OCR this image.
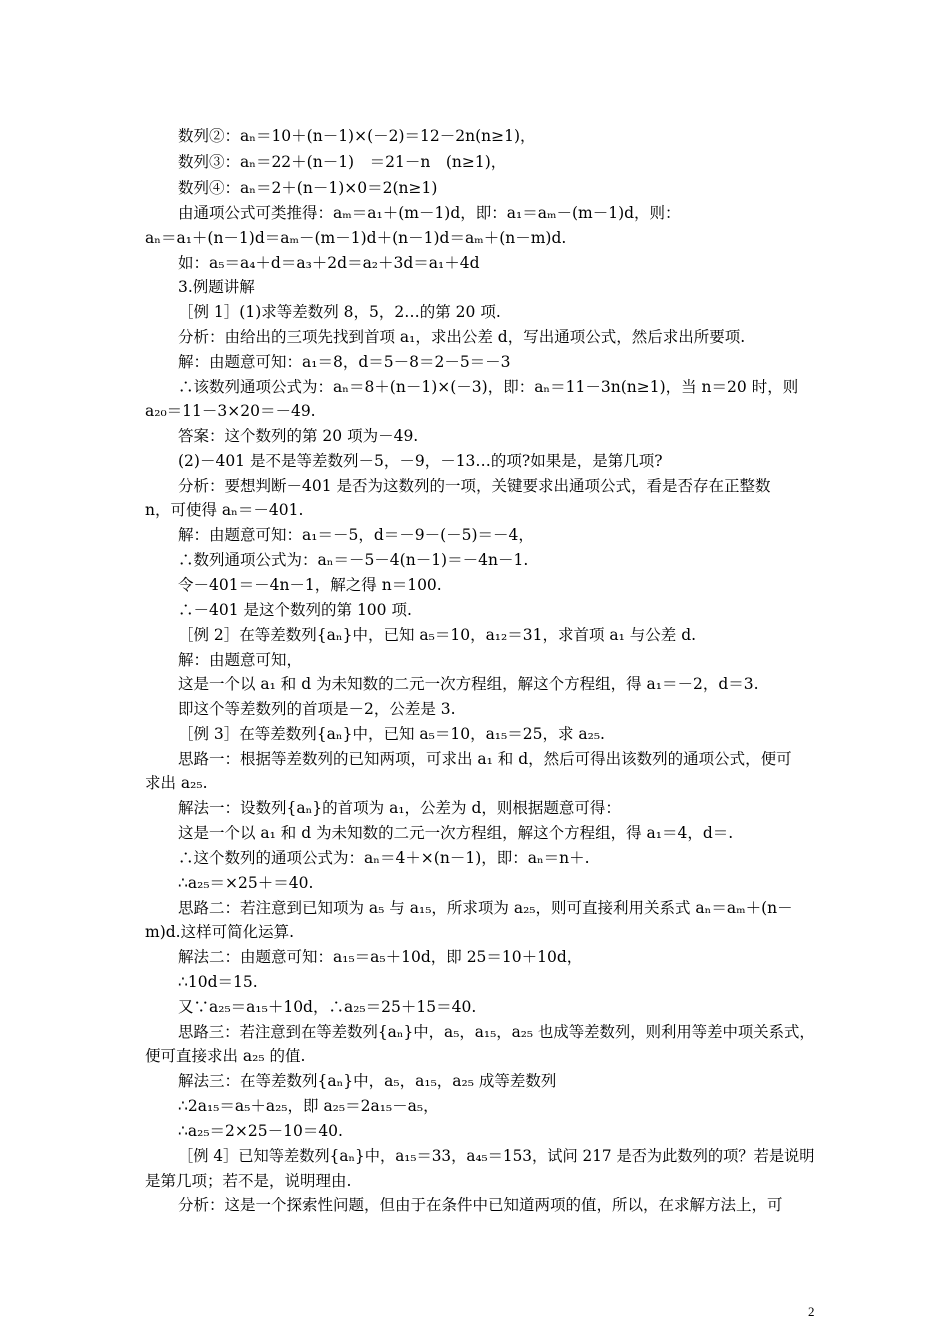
数列②：aₙ＝10＋(n－1)×(－2)＝12－2n(n≥1)，
数列③：aₙ＝22＋(n－1)　＝21－n　(n≥1)，
数列④：aₙ＝2＋(n－1)×0＝2(n≥1)
由通项公式可类推得：aₘ＝a₁＋(m－1)d，即：a₁＝aₘ－(m－1)d，则：
aₙ＝a₁＋(n－1)d＝aₘ－(m－1)d＋(n－1)d＝aₘ＋(n－m)d.
如：a₅＝a₄＋d＝a₃＋2d＝a₂＋3d＝a₁＋4d
3.例题讲解
［例 1］(1)求等差数列 8，5，2…的第 20 项.
分析：由给出的三项先找到首项 a₁，求出公差 d，写出通项公式，然后求出所要项.
解：由题意可知：a₁＝8，d＝5－8＝2－5＝－3
∴该数列通项公式为：aₙ＝8＋(n－1)×(－3)，即：aₙ＝11－3n(n≥1)，当 n＝20 时，则
a₂₀＝11－3×20＝－49.
答案：这个数列的第 20 项为－49.
(2)－401 是不是等差数列－5，－9，－13…的项?如果是，是第几项?
分析：要想判断－401 是否为这数列的一项，关键要求出通项公式，看是否存在正整数
n，可使得 aₙ＝－401.
解：由题意可知：a₁＝－5，d＝－9－(－5)＝－4，
∴数列通项公式为：aₙ＝－5－4(n－1)＝－4n－1.
令－401＝－4n－1，解之得 n＝100.
∴－401 是这个数列的第 100 项.
［例 2］在等差数列{aₙ}中，已知 a₅＝10，a₁₂＝31，求首项 a₁ 与公差 d.
解：由题意可知，
这是一个以 a₁ 和 d 为未知数的二元一次方程组，解这个方程组，得 a₁＝－2，d＝3.
即这个等差数列的首项是－2，公差是 3.
［例 3］在等差数列{aₙ}中，已知 a₅＝10，a₁₅＝25，求 a₂₅.
思路一：根据等差数列的已知两项，可求出 a₁ 和 d，然后可得出该数列的通项公式，便可
求出 a₂₅.
解法一：设数列{aₙ}的首项为 a₁，公差为 d，则根据题意可得：
这是一个以 a₁ 和 d 为未知数的二元一次方程组，解这个方程组，得 a₁＝4，d＝.
∴这个数列的通项公式为：aₙ＝4＋×(n－1)，即：aₙ＝n＋.
∴a₂₅＝×25＋＝40.
思路二：若注意到已知项为 a₅ 与 a₁₅，所求项为 a₂₅，则可直接利用关系式 aₙ＝aₘ＋(n－
m)d.这样可简化运算.
解法二：由题意可知：a₁₅＝a₅＋10d，即 25＝10＋10d，
∴10d＝15.
又∵a₂₅＝a₁₅＋10d，∴a₂₅＝25＋15＝40.
思路三：若注意到在等差数列{aₙ}中，a₅，a₁₅，a₂₅ 也成等差数列，则利用等差中项关系式，
便可直接求出 a₂₅ 的值.
解法三：在等差数列{aₙ}中，a₅，a₁₅，a₂₅ 成等差数列
∴2a₁₅＝a₅＋a₂₅，即 a₂₅＝2a₁₅－a₅，
∴a₂₅＝2×25－10＝40.
［例 4］已知等差数列{aₙ}中，a₁₅＝33，a₄₅＝153，试问 217 是否为此数列的项？若是说明
是第几项；若不是，说明理由.
分析：这是一个探索性问题，但由于在条件中已知道两项的值，所以，在求解方法上，可
2
